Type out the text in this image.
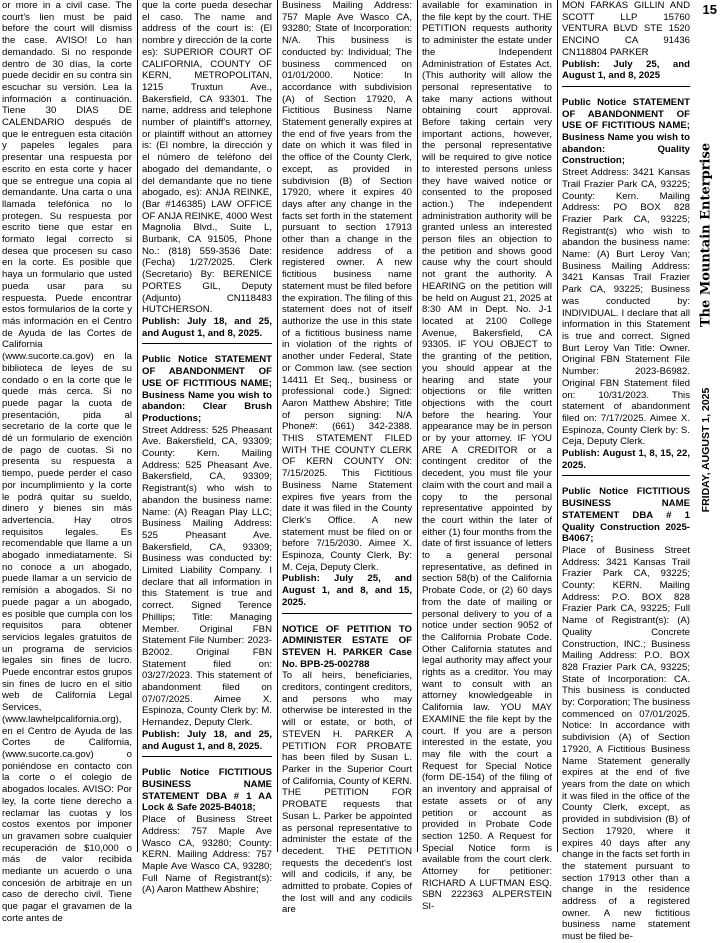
or more in a civil case. The court's lien must be paid before the court will dismiss the case. AVISO! Lo han demandado. Si no responde dentro de 30 días, la corte puede decidir en su contra sin escuchar su versión. Lea la información a continuación. Tiene 30 DIAS DE CALENDARIO después de que le entreguen esta citación y papeles legales para presentar una respuesta por escrito en esta corte y hacer que se entregue una copia al demandante. Una carta o una llamada telefónica no lo protegen. Su respuesta por escrito tiene que estar en formato legal correcto si desea que procesen su caso en la corte. Es posible que haya un formulario que usted pueda usar para su respuesta. Puede encontrar estos formularios de la corte y más información en el Centro de Ayuda de las Cortes de California (www.sucorte.ca.gov) en la biblioteca de leyes de su condado o en la corte que le quede más cerca. Si no puede pagar la cuota de presentación, pida al secretario de la corte que le dé un formulario de exención de pago de cuotas. Si no presenta su respuesta a tiempo, puede perder el caso por incumplimiento y la corte le podrá quitar su sueldo, dinero y bienes sin más advertencia. Hay otros requisitos legales. Es recomendable que llame a un abogado inmediatamente. Si no conoce a un abogado, puede llamar a un servicio de remisión a abogados. Si no puede pagar a un abogado, es posible que cumpla con los requisitos para obtener servicios legales gratuitos de un programa de servicios legales sin fines de lucro. Puede encontrar estos grupos sin fines de lucro en el sitio web de California Legal Services, (www.lawhelpcalifornia.org), en el Centro de Ayuda de las Cortes de California, (www.sucorte.ca.gov) o poniéndose en contacto con la corte o el colegio de abogados locales. AVISO: Por ley, la corte tiene derecho a reclamar las cuotas y los costos exentos por imponer un gravamen sobre cualquier recuperación de $10,000 o más de valor recibida mediante un acuerdo o una concesión de arbitraje en un caso de derecho civil. Tiene que pagar el gravamen de la corte antes de

que la corte pueda desechar el caso. The name and address of the court is: (El nombre y dirección de la corte es): SUPERIOR COURT OF CALIFORNIA, COUNTY OF KERN, METROPOLITAN, 1215 Truxtun Ave., Bakersfield, CA 93301. The name, address and telephone number of plaintiff's attorney, or plaintiff without an attorney is: (El nombre, la dirección y el número de teléfono del abogado del demandante, o del demandante que no tiene abogado, es): ANJA REINKE, (Bar #146385) LAW OFFICE OF ANJA REINKE, 4000 West Magnolia Blvd., Suite L, Burbank, CA 91505, Phone No.: (818) 559-3536 Date: (Fecha) 1/27/2025. Clerk (Secretario) By: BERENICE PORTES GIL, Deputy (Adjunto) CN118483 HUTCHERSON.

Publish: July 18, and 25, and August 1, and 8, 2025.

Public Notice STATEMENT OF ABANDONMENT OF USE OF FICTITIOUS NAME; Business Name you wish to abandon: Clear Brush Productions;

Street Address: 525 Pheasant Ave. Bakersfield, CA, 93309; County: Kern. Mailing Address: 525 Pheasant Ave. Bakersfield, CA, 93309; Registrant(s) who wish to abandon the business name: Name: (A) Reagan Play LLC; Business Mailing Address: 525 Pheasant Ave. Bakersfield, CA, 93309; Business was conducted by: Limited Liability Company. I declare that all information in this Statement is true and correct. Signed Terence Phillips; Title: Managing Member. Original FBN Statement File Number: 2023-B2002. Original FBN Statement filed on: 03/27/2023. This statement of abandonment filed on 07/07/2025. Aimee X. Espinoza, County Clerk by: M. Hernandez, Deputy Clerk.

Publish: July 18, and 25, and August 1, and 8, 2025.

Public Notice FICTITIOUS BUSINESS NAME STATEMENT DBA # 1 AA Lock & Safe 2025-B4018;

Place of Business Street Address: 757 Maple Ave Wasco CA, 93280; County: KERN. Mailing Address: 757 Maple Ave Wasco CA, 93280; Full Name of Registrant(s): (A) Aaron Matthew Abshire;

Business Mailing Address: 757 Maple Ave Wasco CA, 93280; State of Incorporation: N/A. This business is conducted by: Individual; The business commenced on 01/01/2000. Notice: In accordance with subdivision (A) of Section 17920, A Fictitious Business Name Statement generally expires at the end of five years from the date on which it was filed in the office of the County Clerk, except, as provided in subdivision (B) of Section 17920, where it expires 40 days after any change in the facts set forth in the statement pursuant to section 17913 other than a change in the residence address of a registered owner. A new fictitious business name statement must be filed before the expiration. The filing of this statement does not of itself authorize the use in this state of a fictitious business name in violation of the rights of another under Federal, State or Common law. (see section 14411 Et Seq., business or professional code.) Signed: Aaron Matthew Abshire; Title of person signing: N/A Phone#: (661) 342-2388. THIS STATEMENT FILED WITH THE COUNTY CLERK OF KERN COUNTY ON: 7/15/2025. This Fictitious Business Name Statement expires five years from the date it was filed in the County Clerk's Office. A new statement must be filed on or before 7/15/2030. Aimee X. Espinoza, County Clerk, By: M. Ceja, Deputy Clerk.

Publish: July 25, and August 1, and 8, and 15, 2025.

NOTICE OF PETITION TO ADMINISTER ESTATE OF STEVEN H. PARKER Case No. BPB-25-002788

To all heirs, beneficiaries, creditors, contingent creditors, and persons who may otherwise be interested in the will or estate, or both, of STEVEN H. PARKER A PETITION FOR PROBATE has been filed by Susan L. Parker in the Superior Court of California, County of KERN. THE PETITION FOR PROBATE requests that Susan L. Parker be appointed as personal representative to administer the estate of the decedent. THE PETITION requests the decedent's lost will and codicils, if any, be admitted to probate. Copies of the lost will and any codicils are

available for examination in the file kept by the court. THE PETITION requests authority to administer the estate under the Independent Administration of Estates Act. (This authority will allow the personal representative to take many actions without obtaining court approval. Before taking certain very important actions, however, the personal representative will be required to give notice to interested persons unless they have waived notice or consented to the proposed action.) The independent administration authority will be granted unless an interested person files an objection to the petition and shows good cause why the court should not grant the authority. A HEARING on the petition will be held on August 21, 2025 at 8:30 AM in Dept. No. J-1 located at 2100 College Avenue, Bakersfield, CA 93305. IF YOU OBJECT to the granting of the petition, you should appear at the hearing and state your objections or file written objections with the court before the hearing. Your appearance may be in person or by your attorney. IF YOU ARE A CREDITOR or a contingent creditor of the decedent, you must file your claim with the court and mail a copy to the personal representative appointed by the court within the later of either (1) four months from the date of first issuance of letters to a general personal representative, as defined in section 58(b) of the California Probate Code, or (2) 60 days from the date of mailing or personal delivery to you of a notice under section 9052 of the California Probate Code. Other California statutes and legal authority may affect your rights as a creditor. You may want to consult with an attorney knowledgeable in California law. YOU MAY EXAMINE the file kept by the court. If you are a person interested in the estate, you may file with the court a Request for Special Notice (form DE-154) of the filing of an inventory and appraisal of estate assets or of any petition or account as provided in Probate Code section 1250. A Request for Special Notice form is available from the court clerk. Attorney for petitioner: RICHARD A LUFTMAN ESQ. SBN 222363 ALPERSTEIN SI-

MON FARKAS GILLIN AND SCOTT LLP 15760 VENTURA BLVD STE 1520 ENCINO CA 91436 CN118804 PARKER

Publish: July 25, and August 1, and 8, 2025

Public Notice STATEMENT OF ABANDONMENT OF USE OF FICTITIOUS NAME; Business Name you wish to abandon: Quality Construction;

Street Address: 3421 Kansas Trail Frazier Park CA, 93225; County: Kern. Mailing Address: PO BOX 828 Frazier Park CA, 93225; Registrant(s) who wish to abandon the business name: Name: (A) Burt Leroy Van; Business Mailing Address: 3421 Kansas Trail Frazier Park CA, 93225; Business was conducted by: INDIVIDUAL. I declare that all information in this Statement is true and correct. Signed Burt Leroy Van Title: Owner. Original FBN Statement File Number: 2023-B6982. Original FBN Statement filed on: 10/31/2023. This statement of abandonment filed on: 7/17/2025. Aimee X. Espinoza, County Clerk by: S. Ceja, Deputy Clerk.

Publish: August 1, 8, 15, 22, 2025.

Public Notice FICTITIOUS BUSINESS NAME STATEMENT DBA # 1 Quality Construction 2025-B4067;

Place of Business Street Address: 3421 Kansas Trail Frazier Park CA, 93225; County: KERN. Mailing Address: P.O. BOX 828 Frazier Park CA, 93225; Full Name of Registrant(s): (A) Quality Concrete Construction, INC.; Business Mailing Address: P.O. BOX 828 Frazier Park CA, 93225; State of Incorporation: CA. This business is conducted by: Corporation; The business commenced on 07/01/2025. Notice: In accordance with subdivision (A) of Section 17920, A Fictitious Business Name Statement generally expires at the end of five years from the date on which it was filed in the office of the County Clerk, except, as provided in subdivision (B) of Section 17920, where it expires 40 days after any change in the facts set forth in the statement pursuant to section 17913 other than a change in the residence address of a registered owner. A new fictitious business name statement must be filed be-

15
The Mountain Enterprise
FRIDAY, AUGUST 1, 2025
